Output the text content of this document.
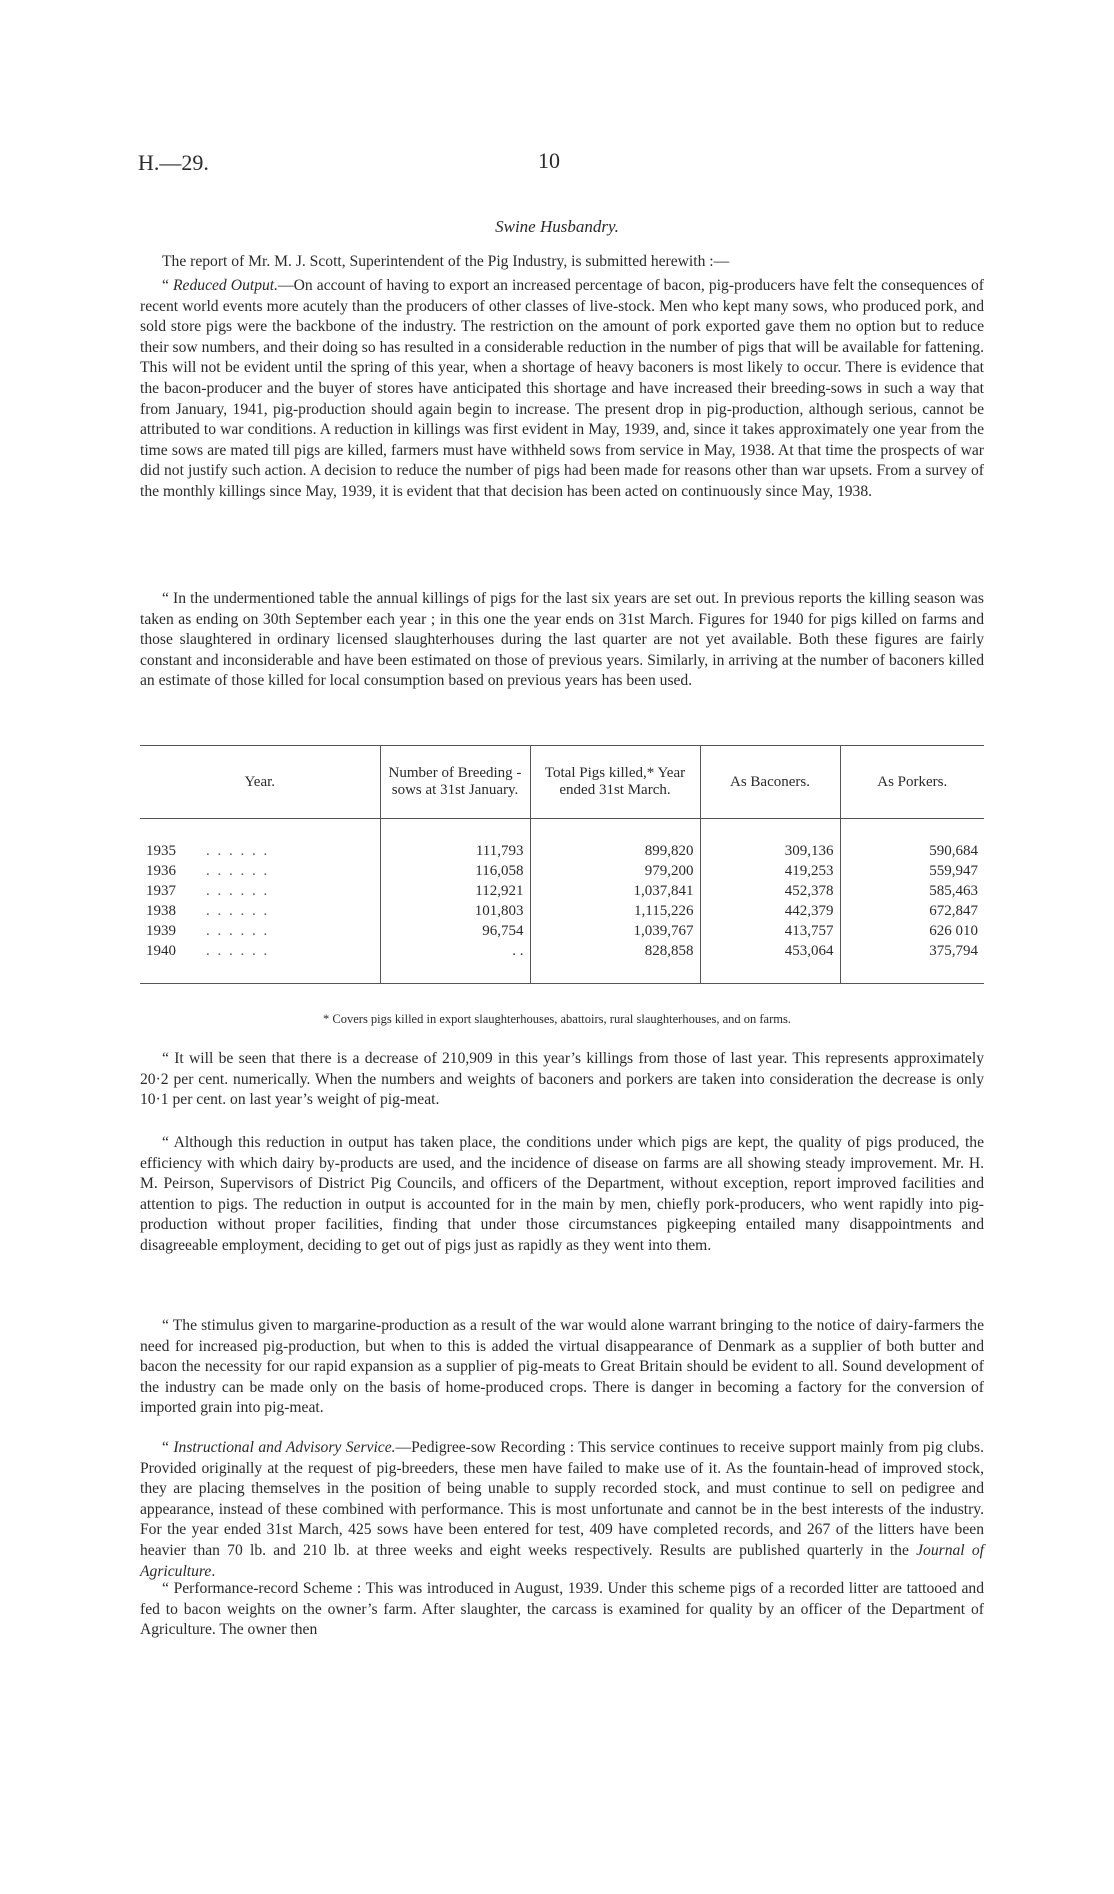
H.—29.	10
Swine Husbandry.

The report of Mr. M. J. Scott, Superintendent of the Pig Industry, is submitted herewith :—

“ Reduced Output.—On account of having to export an increased percentage of bacon, pig-producers have felt the consequences of recent world events more acutely than the producers of other classes of live-stock. Men who kept many sows, who produced pork, and sold store pigs were the backbone of the industry. The restriction on the amount of pork exported gave them no option but to reduce their sow numbers, and their doing so has resulted in a considerable reduction in the number of pigs that will be available for fattening. This will not be evident until the spring of this year, when a shortage of heavy baconers is most likely to occur. There is evidence that the bacon-producer and the buyer of stores have anticipated this shortage and have increased their breeding-sows in such a way that from January, 1941, pig-production should again begin to increase. The present drop in pig-production, although serious, cannot be attributed to war conditions. A reduction in killings was first evident in May, 1939, and, since it takes approximately one year from the time sows are mated till pigs are killed, farmers must have withheld sows from service in May, 1938. At that time the prospects of war did not justify such action. A decision to reduce the number of pigs had been made for reasons other than war upsets. From a survey of the monthly killings since May, 1939, it is evident that that decision has been acted on continuously since May, 1938.

“ In the undermentioned table the annual killings of pigs for the last six years are set out. In previous reports the killing season was taken as ending on 30th September each year ; in this one the year ends on 31st March. Figures for 1940 for pigs killed on farms and those slaughtered in ordinary licensed slaughterhouses during the last quarter are not yet available. Both these figures are fairly constant and inconsiderable and have been estimated on those of previous years. Similarly, in arriving at the number of baconers killed an estimate of those killed for local consumption based on previous years has been used.

Year.	Number of Breeding - sows at 31st January.	Total Pigs killed,* Year ended 31st March.	As Baconers.	As Porkers.
1935 . . . . . .	111,793	899,820	309,136	590,684
1936 . . . . . .	116,058	979,200	419,253	559,947
1937 . . . . . .	112,921	1,037,841	452,378	585,463
1938 . . . . . .	101,803	1,115,226	442,379	672,847
1939 . . . . . .	96,754	1,039,767	413,757	626 010
1940 . . . . . .	. .	828,858	453,064	375,794
* Covers pigs killed in export slaughterhouses, abattoirs, rural slaughterhouses, and on farms.

“ It will be seen that there is a decrease of 210,909 in this year’s killings from those of last year. This represents approximately 20·2 per cent. numerically. When the numbers and weights of baconers and porkers are taken into consideration the decrease is only 10·1 per cent. on last year’s weight of pig-meat.

“ Although this reduction in output has taken place, the conditions under which pigs are kept, the quality of pigs produced, the efficiency with which dairy by-products are used, and the incidence of disease on farms are all showing steady improvement. Mr. H. M. Peirson, Supervisors of District Pig Councils, and officers of the Department, without exception, report improved facilities and attention to pigs. The reduction in output is accounted for in the main by men, chiefly pork-producers, who went rapidly into pig-production without proper facilities, finding that under those circumstances pigkeeping entailed many disappointments and disagreeable employment, deciding to get out of pigs just as rapidly as they went into them.

“ The stimulus given to margarine-production as a result of the war would alone warrant bringing to the notice of dairy-farmers the need for increased pig-production, but when to this is added the virtual disappearance of Denmark as a supplier of both butter and bacon the necessity for our rapid expansion as a supplier of pig-meats to Great Britain should be evident to all. Sound development of the industry can be made only on the basis of home-produced crops. There is danger in becoming a factory for the conversion of imported grain into pig-meat.

“ Instructional and Advisory Service.—Pedigree-sow Recording : This service continues to receive support mainly from pig clubs. Provided originally at the request of pig-breeders, these men have failed to make use of it. As the fountain-head of improved stock, they are placing themselves in the position of being unable to supply recorded stock, and must continue to sell on pedigree and appearance, instead of these combined with performance. This is most unfortunate and cannot be in the best interests of the industry. For the year ended 31st March, 425 sows have been entered for test, 409 have completed records, and 267 of the litters have been heavier than 70 lb. and 210 lb. at three weeks and eight weeks respectively. Results are published quarterly in the Journal of Agriculture.

“ Performance-record Scheme : This was introduced in August, 1939. Under this scheme pigs of a recorded litter are tattooed and fed to bacon weights on the owner’s farm. After slaughter, the carcass is examined for quality by an officer of the Department of Agriculture. The owner then
